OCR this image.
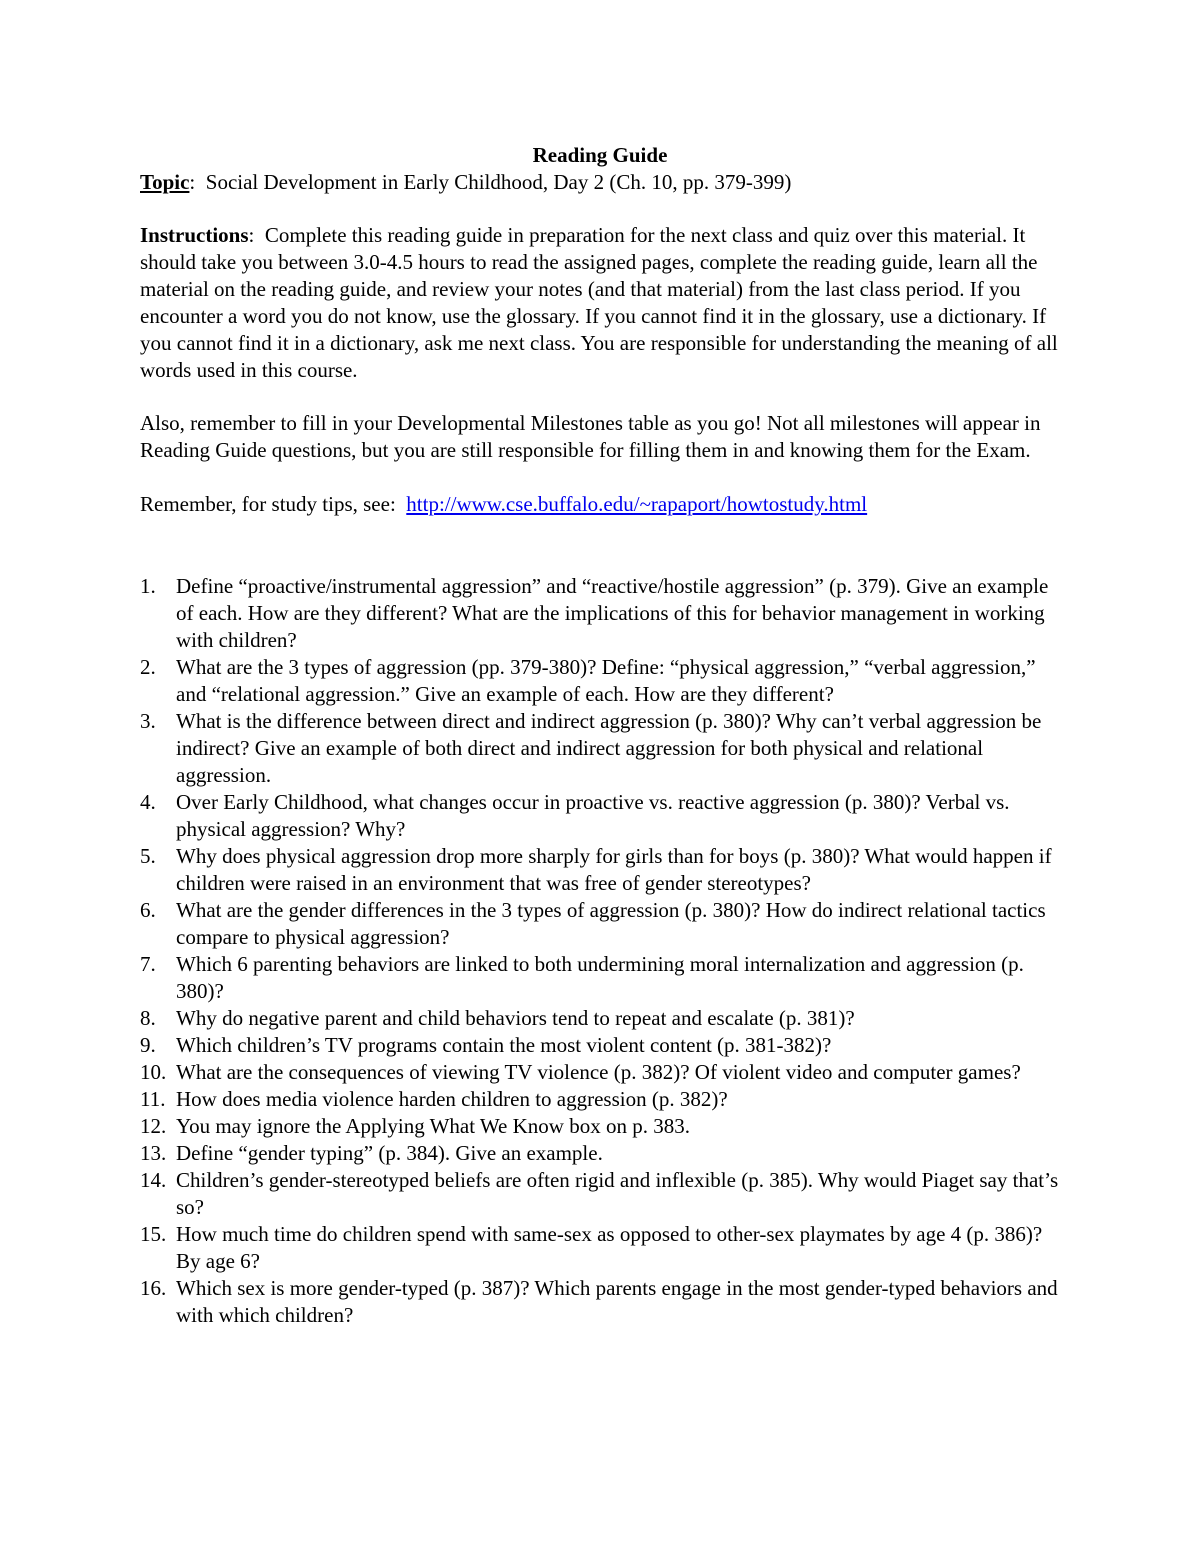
Reading Guide

Topic:  Social Development in Early Childhood, Day 2 (Ch. 10, pp. 379-399)

Instructions:  Complete this reading guide in preparation for the next class and quiz over this material. It should take you between 3.0-4.5 hours to read the assigned pages, complete the reading guide, learn all the material on the reading guide, and review your notes (and that material) from the last class period. If you encounter a word you do not know, use the glossary. If you cannot find it in the glossary, use a dictionary. If you cannot find it in a dictionary, ask me next class. You are responsible for understanding the meaning of all words used in this course.

Also, remember to fill in your Developmental Milestones table as you go! Not all milestones will appear in Reading Guide questions, but you are still responsible for filling them in and knowing them for the Exam.

Remember, for study tips, see: http://www.cse.buffalo.edu/~rapaport/howtostudy.html

1. Define “proactive/instrumental aggression” and “reactive/hostile aggression” (p. 379). Give an example of each. How are they different? What are the implications of this for behavior management in working with children?
2. What are the 3 types of aggression (pp. 379-380)? Define: “physical aggression,” “verbal aggression,” and “relational aggression.” Give an example of each. How are they different?
3. What is the difference between direct and indirect aggression (p. 380)? Why can’t verbal aggression be indirect? Give an example of both direct and indirect aggression for both physical and relational aggression.
4. Over Early Childhood, what changes occur in proactive vs. reactive aggression (p. 380)? Verbal vs. physical aggression? Why?
5. Why does physical aggression drop more sharply for girls than for boys (p. 380)? What would happen if children were raised in an environment that was free of gender stereotypes?
6. What are the gender differences in the 3 types of aggression (p. 380)? How do indirect relational tactics compare to physical aggression?
7. Which 6 parenting behaviors are linked to both undermining moral internalization and aggression (p. 380)?
8. Why do negative parent and child behaviors tend to repeat and escalate (p. 381)?
9. Which children’s TV programs contain the most violent content (p. 381-382)?
10. What are the consequences of viewing TV violence (p. 382)? Of violent video and computer games?
11. How does media violence harden children to aggression (p. 382)?
12. You may ignore the Applying What We Know box on p. 383.
13. Define “gender typing” (p. 384). Give an example.
14. Children’s gender-stereotyped beliefs are often rigid and inflexible (p. 385). Why would Piaget say that’s so?
15. How much time do children spend with same-sex as opposed to other-sex playmates by age 4 (p. 386)? By age 6?
16. Which sex is more gender-typed (p. 387)? Which parents engage in the most gender-typed behaviors and with which children?
